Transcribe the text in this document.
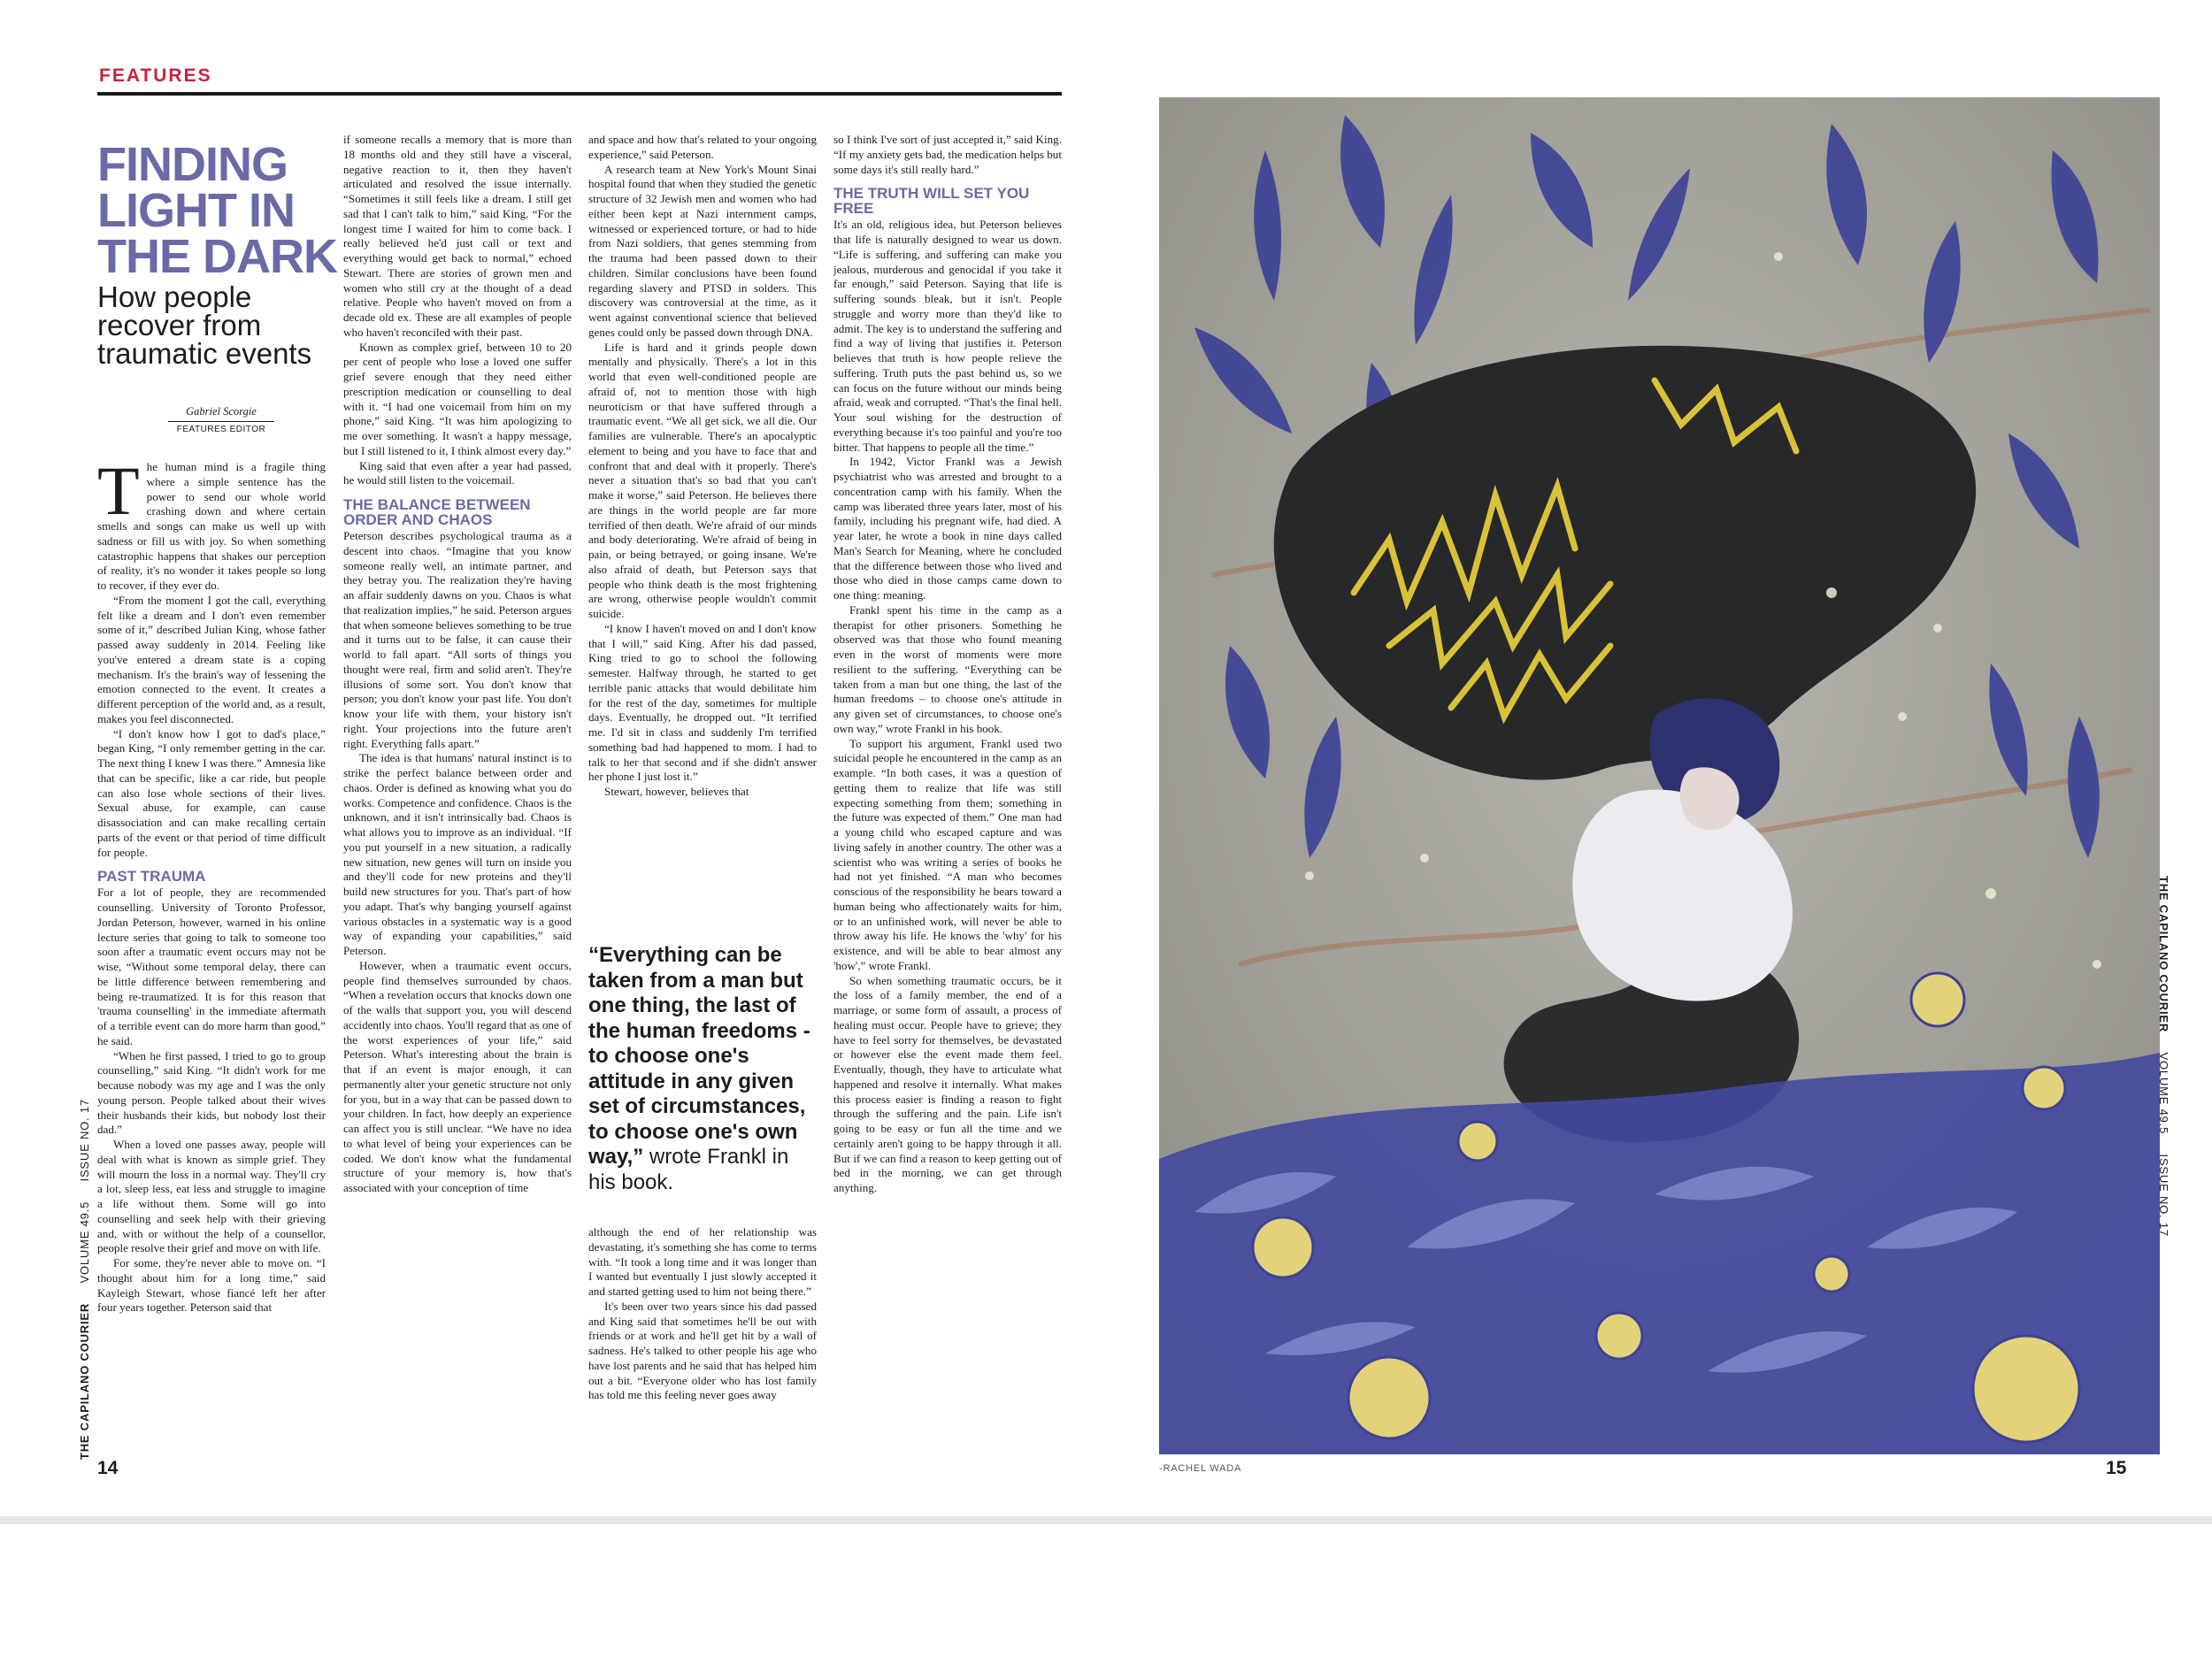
FEATURES
FINDING
LIGHT IN
THE DARK
How people recover from traumatic events
Gabriel Scorgie
FEATURES EDITOR

The human mind is a fragile thing where a simple sentence has the power to send our whole world crashing down and where certain smells and songs can make us well up with sadness or fill us with joy. So when something catastrophic happens that shakes our perception of reality, it's no wonder it takes people so long to recover, if they ever do.

“From the moment I got the call, everything felt like a dream and I don't even remember some of it,” described Julian King, whose father passed away suddenly in 2014. Feeling like you've entered a dream state is a coping mechanism. It's the brain's way of lessening the emotion connected to the event. It creates a different perception of the world and, as a result, makes you feel disconnected.

“I don't know how I got to dad's place,” began King, “I only remember getting in the car. The next thing I knew I was there.” Amnesia like that can be specific, like a car ride, but people can also lose whole sections of their lives. Sexual abuse, for example, can cause disassociation and can make recalling certain parts of the event or that period of time difficult for people.

PAST TRAUMA

For a lot of people, they are recommended counselling. University of Toronto Professor, Jordan Peterson, however, warned in his online lecture series that going to talk to someone too soon after a traumatic event occurs may not be wise, “Without some temporal delay, there can be little difference between remembering and being re-traumatized. It is for this reason that 'trauma counselling' in the immediate aftermath of a terrible event can do more harm than good,” he said.

“When he first passed, I tried to go to group counselling,” said King. “It didn't work for me because nobody was my age and I was the only young person. People talked about their wives their husbands their kids, but nobody lost their dad.”

When a loved one passes away, people will deal with what is known as simple grief. They will mourn the loss in a normal way. They'll cry a lot, sleep less, eat less and struggle to imagine a life without them. Some will go into counselling and seek help with their grieving and, with or without the help of a counsellor, people resolve their grief and move on with life.

For some, they're never able to move on. “I thought about him for a long time,” said Kayleigh Stewart, whose fiancé left her after four years together. Peterson said that

if someone recalls a memory that is more than 18 months old and they still have a visceral, negative reaction to it, then they haven't articulated and resolved the issue internally. “Sometimes it still feels like a dream. I still get sad that I can't talk to him,” said King. “For the longest time I waited for him to come back. I really believed he'd just call or text and everything would get back to normal,” echoed Stewart. There are stories of grown men and women who still cry at the thought of a dead relative. People who haven't moved on from a decade old ex. These are all examples of people who haven't reconciled with their past.

Known as complex grief, between 10 to 20 per cent of people who lose a loved one suffer grief severe enough that they need either prescription medication or counselling to deal with it. “I had one voicemail from him on my phone,” said King. “It was him apologizing to me over something. It wasn't a happy message, but I still listened to it, I think almost every day.”

King said that even after a year had passed, he would still listen to the voicemail.

THE BALANCE BETWEEN ORDER AND CHAOS

Peterson describes psychological trauma as a descent into chaos. “Imagine that you know someone really well, an intimate partner, and they betray you. The realization they're having an affair suddenly dawns on you. Chaos is what that realization implies,” he said. Peterson argues that when someone believes something to be true and it turns out to be false, it can cause their world to fall apart. “All sorts of things you thought were real, firm and solid aren't. They're illusions of some sort. You don't know that person; you don't know your past life. You don't know your life with them, your history isn't right. Your projections into the future aren't right. Everything falls apart.”

The idea is that humans' natural instinct is to strike the perfect balance between order and chaos. Order is defined as knowing what you do works. Competence and confidence. Chaos is the unknown, and it isn't intrinsically bad. Chaos is what allows you to improve as an individual. “If you put yourself in a new situation, a radically new situation, new genes will turn on inside you and they'll code for new proteins and they'll build new structures for you. That's part of how you adapt. That's why banging yourself against various obstacles in a systematic way is a good way of expanding your capabilities,” said Peterson.

However, when a traumatic event occurs, people find themselves surrounded by chaos. “When a revelation occurs that knocks down one of the walls that support you, you will descend accidently into chaos. You'll regard that as one of the worst experiences of your life,” said Peterson. What's interesting about the brain is that if an event is major enough, it can permanently alter your genetic structure not only for you, but in a way that can be passed down to your children. In fact, how deeply an experience can affect you is still unclear. “We have no idea to what level of being your experiences can be coded. We don't know what the fundamental structure of your memory is, how that's associated with your conception of time

and space and how that's related to your ongoing experience,” said Peterson.

A research team at New York's Mount Sinai hospital found that when they studied the genetic structure of 32 Jewish men and women who had either been kept at Nazi internment camps, witnessed or experienced torture, or had to hide from Nazi soldiers, that genes stemming from the trauma had been passed down to their children. Similar conclusions have been found regarding slavery and PTSD in solders. This discovery was controversial at the time, as it went against conventional science that believed genes could only be passed down through DNA.

Life is hard and it grinds people down mentally and physically. There's a lot in this world that even well-conditioned people are afraid of, not to mention those with high neuroticism or that have suffered through a traumatic event. “We all get sick, we all die. Our families are vulnerable. There's an apocalyptic element to being and you have to face that and confront that and deal with it properly. There's never a situation that's so bad that you can't make it worse,” said Peterson. He believes there are things in the world people are far more terrified of then death. We're afraid of our minds and body deteriorating. We're afraid of being in pain, or being betrayed, or going insane. We're also afraid of death, but Peterson says that people who think death is the most frightening are wrong, otherwise people wouldn't commit suicide.

“I know I haven't moved on and I don't know that I will,” said King. After his dad passed, King tried to go to school the following semester. Halfway through, he started to get terrible panic attacks that would debilitate him for the rest of the day, sometimes for multiple days. Eventually, he dropped out. “It terrified me. I'd sit in class and suddenly I'm terrified something bad had happened to mom. I had to talk to her that second and if she didn't answer her phone I just lost it.”

Stewart, however, believes that

although the end of her relationship was devastating, it's something she has come to terms with. “It took a long time and it was longer than I wanted but eventually I just slowly accepted it and started getting used to him not being there.”

It's been over two years since his dad passed and King said that sometimes he'll be out with friends or at work and he'll get hit by a wall of sadness. He's talked to other people his age who have lost parents and he said that has helped him out a bit. “Everyone older who has lost family has told me this feeling never goes away

so I think I've sort of just accepted it,” said King. “If my anxiety gets bad, the medication helps but some days it's still really hard.”

THE TRUTH WILL SET YOU FREE

It's an old, religious idea, but Peterson believes that life is naturally designed to wear us down. “Life is suffering, and suffering can make you jealous, murderous and genocidal if you take it far enough,” said Peterson. Saying that life is suffering sounds bleak, but it isn't. People struggle and worry more than they'd like to admit. The key is to understand the suffering and find a way of living that justifies it. Peterson believes that truth is how people relieve the suffering. Truth puts the past behind us, so we can focus on the future without our minds being afraid, weak and corrupted. “That's the final hell. Your soul wishing for the destruction of everything because it's too painful and you're too bitter. That happens to people all the time.”

In 1942, Victor Frankl was a Jewish psychiatrist who was arrested and brought to a concentration camp with his family. When the camp was liberated three years later, most of his family, including his pregnant wife, had died. A year later, he wrote a book in nine days called Man's Search for Meaning, where he concluded that the difference between those who lived and those who died in those camps came down to one thing: meaning.

Frankl spent his time in the camp as a therapist for other prisoners. Something he observed was that those who found meaning even in the worst of moments were more resilient to the suffering. “Everything can be taken from a man but one thing, the last of the human freedoms – to choose one's attitude in any given set of circumstances, to choose one's own way,” wrote Frankl in his book.

To support his argument, Frankl used two suicidal people he encountered in the camp as an example. “In both cases, it was a question of getting them to realize that life was still expecting something from them; something in the future was expected of them.” One man had a young child who escaped capture and was living safely in another country. The other was a scientist who was writing a series of books he had not yet finished. “A man who becomes conscious of the responsibility he bears toward a human being who affectionately waits for him, or to an unfinished work, will never be able to throw away his life. He knows the 'why' for his existence, and will be able to bear almost any 'how',” wrote Frankl.

So when something traumatic occurs, be it the loss of a family member, the end of a marriage, or some form of assault, a process of healing must occur. People have to grieve; they have to feel sorry for themselves, be devastated or however else the event made them feel. Eventually, though, they have to articulate what happened and resolve it internally. What makes this process easier is finding a reason to fight through the suffering and the pain. Life isn't going to be easy or fun all the time and we certainly aren't going to be happy through it all. But if we can find a reason to keep getting out of bed in the morning, we can get through anything.

“Everything can be taken from a man but one thing, the last of the human freedoms - to choose one's attitude in any given set of circumstances, to choose one's own way,” wrote Frankl in his book.
THE CAPILANO COURIER VOLUME 49.5 ISSUE NO. 17
14	-RACHEL WADA
THE CAPILANO COURIER VOLUME 49.5 ISSUE NO. 17
15
